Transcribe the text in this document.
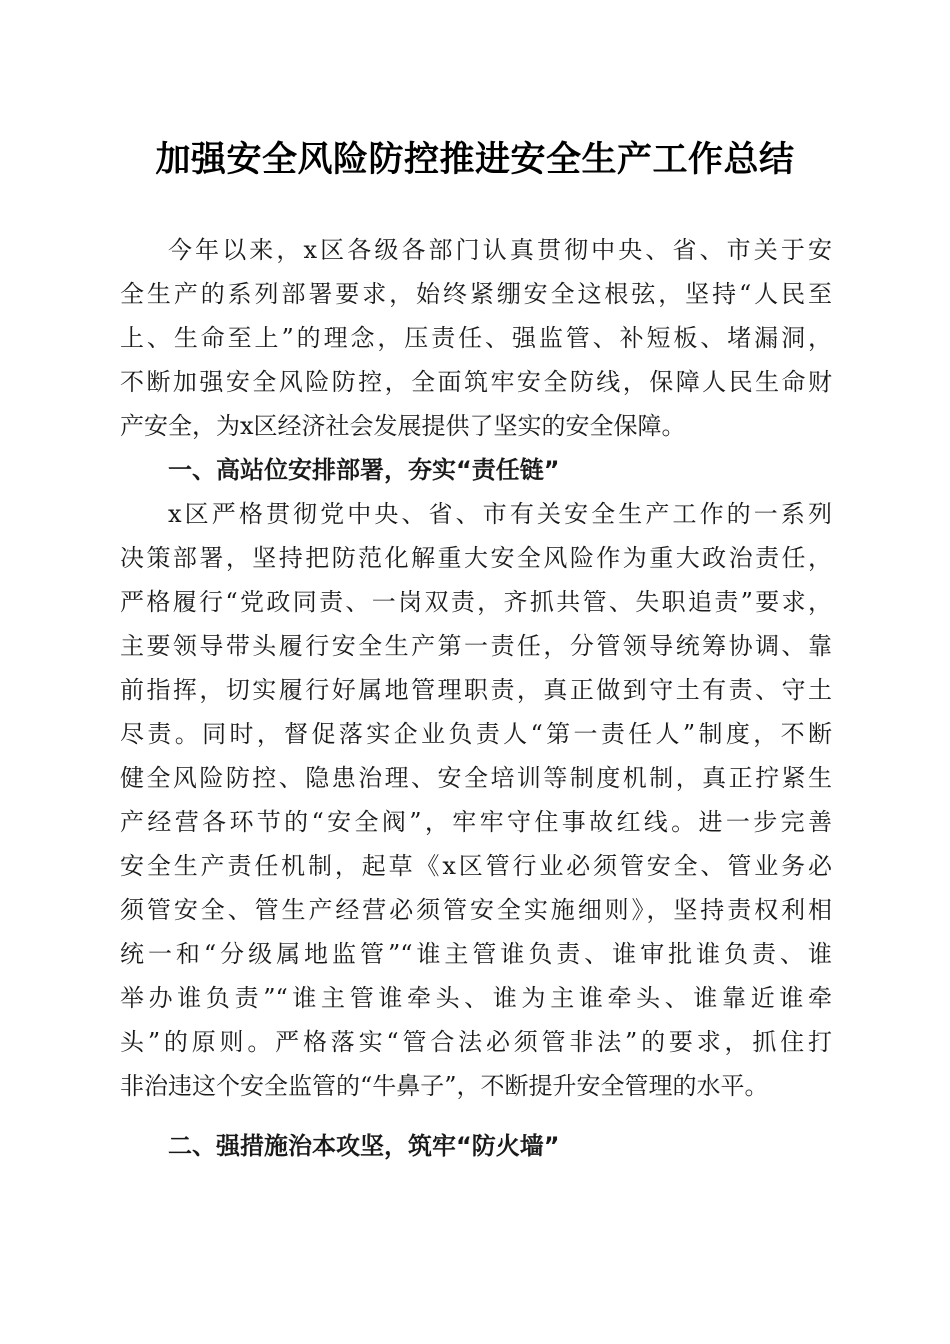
加强安全风险防控推进安全生产工作总结
今年以来，x区各级各部门认真贯彻中央、省、市关于安
全生产的系列部署要求，始终紧绷安全这根弦，坚持“人民至
上、生命至上”的理念，压责任、强监管、补短板、堵漏洞，
不断加强安全风险防控，全面筑牢安全防线，保障人民生命财
产安全，为x区经济社会发展提供了坚实的安全保障。
一、高站位安排部署，夯实“责任链”
x区严格贯彻党中央、省、市有关安全生产工作的一系列
决策部署，坚持把防范化解重大安全风险作为重大政治责任，
严格履行“党政同责、一岗双责，齐抓共管、失职追责”要求，
主要领导带头履行安全生产第一责任，分管领导统筹协调、靠
前指挥，切实履行好属地管理职责，真正做到守土有责、守土
尽责。同时，督促落实企业负责人“第一责任人”制度，不断
健全风险防控、隐患治理、安全培训等制度机制，真正拧紧生
产经营各环节的“安全阀”，牢牢守住事故红线。进一步完善
安全生产责任机制，起草《x区管行业必须管安全、管业务必
须管安全、管生产经营必须管安全实施细则》，坚持责权利相
统一和“分级属地监管”“谁主管谁负责、谁审批谁负责、谁
举办谁负责”“谁主管谁牵头、谁为主谁牵头、谁靠近谁牵
头”的原则。严格落实“管合法必须管非法”的要求，抓住打
非治违这个安全监管的“牛鼻子”，不断提升安全管理的水平。
二、强措施治本攻坚，筑牢“防火墙”
